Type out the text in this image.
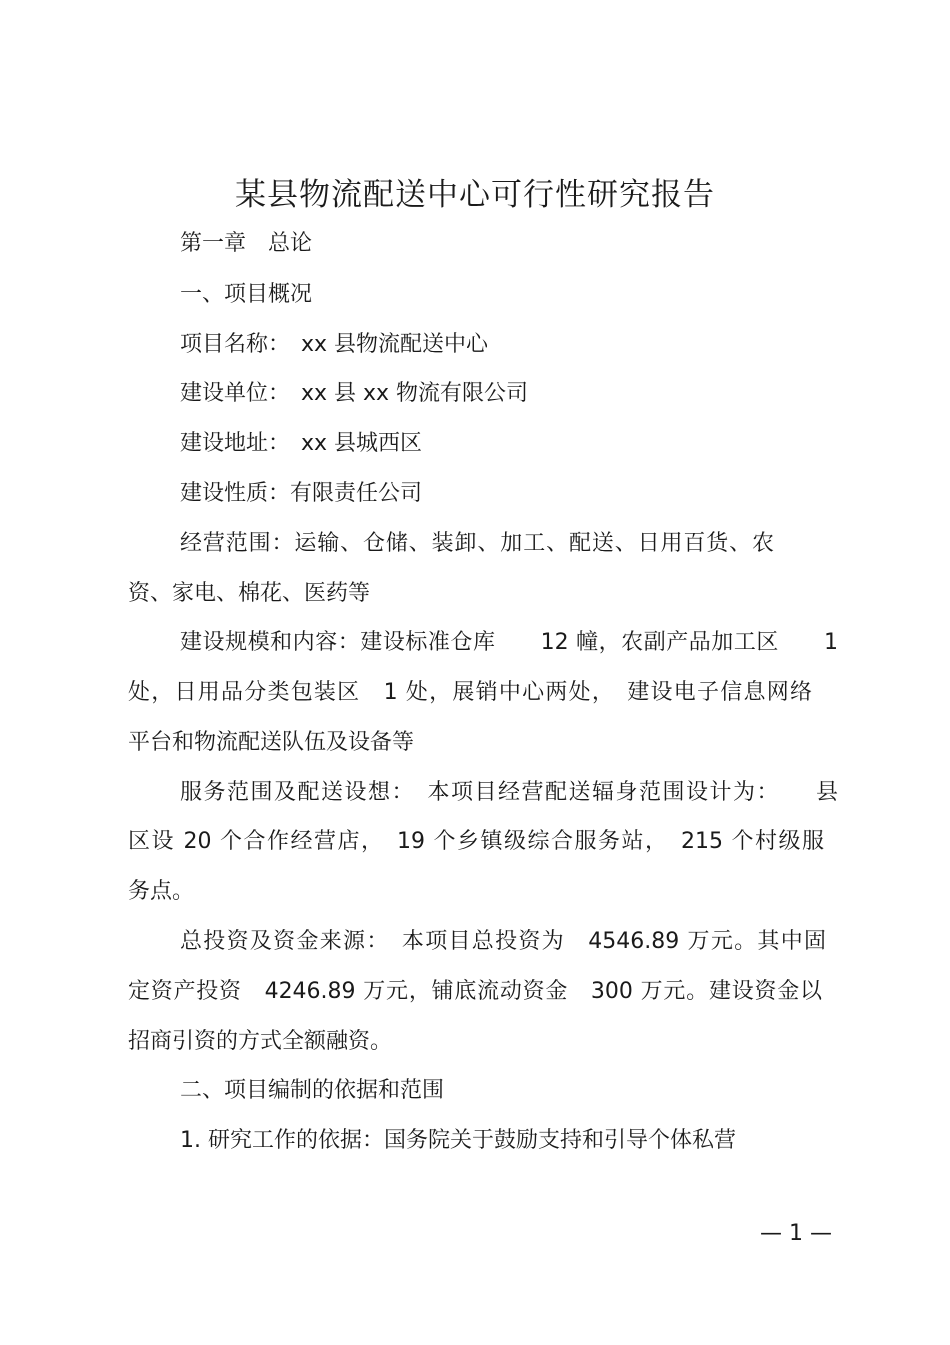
某县物流配送中心可行性研究报告

第一章　总论

一、项目概况

项目名称：　xx 县物流配送中心

建设单位：　xx 县 xx 物流有限公司

建设地址：　xx 县城西区

建设性质：有限责任公司

经营范围：运输、仓储、装卸、加工、配送、日用百货、农

资、家电、棉花、医药等

建设规模和内容：建设标准仓库　　12 幢，农副产品加工区　　1

处，日用品分类包装区　1 处，展销中心两处，　建设电子信息网络

平台和物流配送队伍及设备等

服务范围及配送设想：　本项目经营配送辐身范围设计为：　　县

区设 20 个合作经营店，　19 个乡镇级综合服务站，　215 个村级服

务点。

总投资及资金来源：　本项目总投资为　4546.89 万元。其中固

定资产投资　4246.89 万元，铺底流动资金　300 万元。建设资金以

招商引资的方式全额融资。

二、项目编制的依据和范围

1. 研究工作的依据：国务院关于鼓励支持和引导个体私营

— 1 —
